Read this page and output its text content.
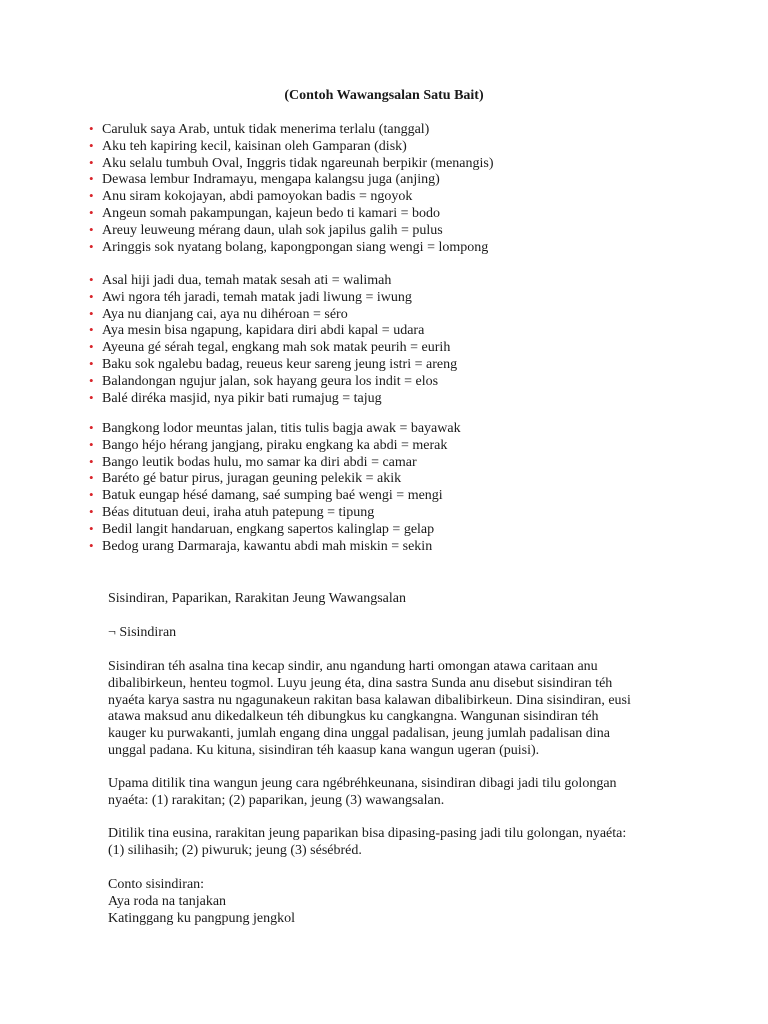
(Contoh Wawangsalan Satu Bait)
• Caruluk saya Arab, untuk tidak menerima terlalu (tanggal)
• Aku teh kapiring kecil, kaisinan oleh Gamparan (disk)
• Aku selalu tumbuh Oval, Inggris tidak ngareunah berpikir (menangis)
• Dewasa lembur Indramayu, mengapa kalangsu juga (anjing)
• Anu siram kokojayan, abdi pamoyokan badis = ngoyok
• Angeun somah pakampungan, kajeun bedo ti kamari = bodo
• Areuy leuweung mérang daun, ulah sok japilus galih = pulus
• Aringgis sok nyatang bolang, kapongpongan siang wengi = lompong
• Asal hiji jadi dua, temah matak sesah ati = walimah
• Awi ngora téh jaradi, temah matak jadi liwung = iwung
• Aya nu dianjang cai, aya nu dihéroan = séro
• Aya mesin bisa ngapung, kapidara diri abdi kapal = udara
• Ayeuna gé sérah tegal, engkang mah sok matak peurih = eurih
• Baku sok ngalebu badag, reueus keur sareng jeung istri = areng
• Balandongan ngujur jalan, sok hayang geura los indit = elos
• Balé diréka masjid, nya pikir bati rumajug = tajug
• Bangkong lodor meuntas jalan, titis tulis bagja awak = bayawak
• Bango héjo hérang jangjang, piraku engkang ka abdi = merak
• Bango leutik bodas hulu, mo samar ka diri abdi = camar
• Baréto gé batur pirus, juragan geuning pelekik = akik
• Batuk eungap hésé damang, saé sumping baé wengi = mengi
• Béas ditutuan deui, iraha atuh patepung = tipung
• Bedil langit handaruan, engkang sapertos kalinglap = gelap
• Bedog urang Darmaraja, kawantu abdi mah miskin = sekin
Sisindiran, Paparikan, Rarakitan Jeung Wawangsalan
¬ Sisindiran
Sisindiran téh asalna tina kecap sindir, anu ngandung harti omongan atawa caritaan anu
dibalibirkeun, henteu togmol. Luyu jeung éta, dina sastra Sunda anu disebut sisindiran téh
nyaéta karya sastra nu ngagunakeun rakitan basa kalawan dibalibirkeun. Dina sisindiran, eusi
atawa maksud anu dikedalkeun téh dibungkus ku cangkangna. Wangunan sisindiran téh
kauger ku purwakanti, jumlah engang dina unggal padalisan, jeung jumlah padalisan dina
unggal padana. Ku kituna, sisindiran téh kaasup kana wangun ugeran (puisi).
Upama ditilik tina wangun jeung cara ngébréhkeunana, sisindiran dibagi jadi tilu golongan
nyaéta: (1) rarakitan; (2) paparikan, jeung (3) wawangsalan.
Ditilik tina eusina, rarakitan jeung paparikan bisa dipasing-pasing jadi tilu golongan, nyaéta:
(1) silihasih; (2) piwuruk; jeung (3) sésébréd.
Conto sisindiran:
Aya roda na tanjakan
Katinggang ku pangpung jengkol
